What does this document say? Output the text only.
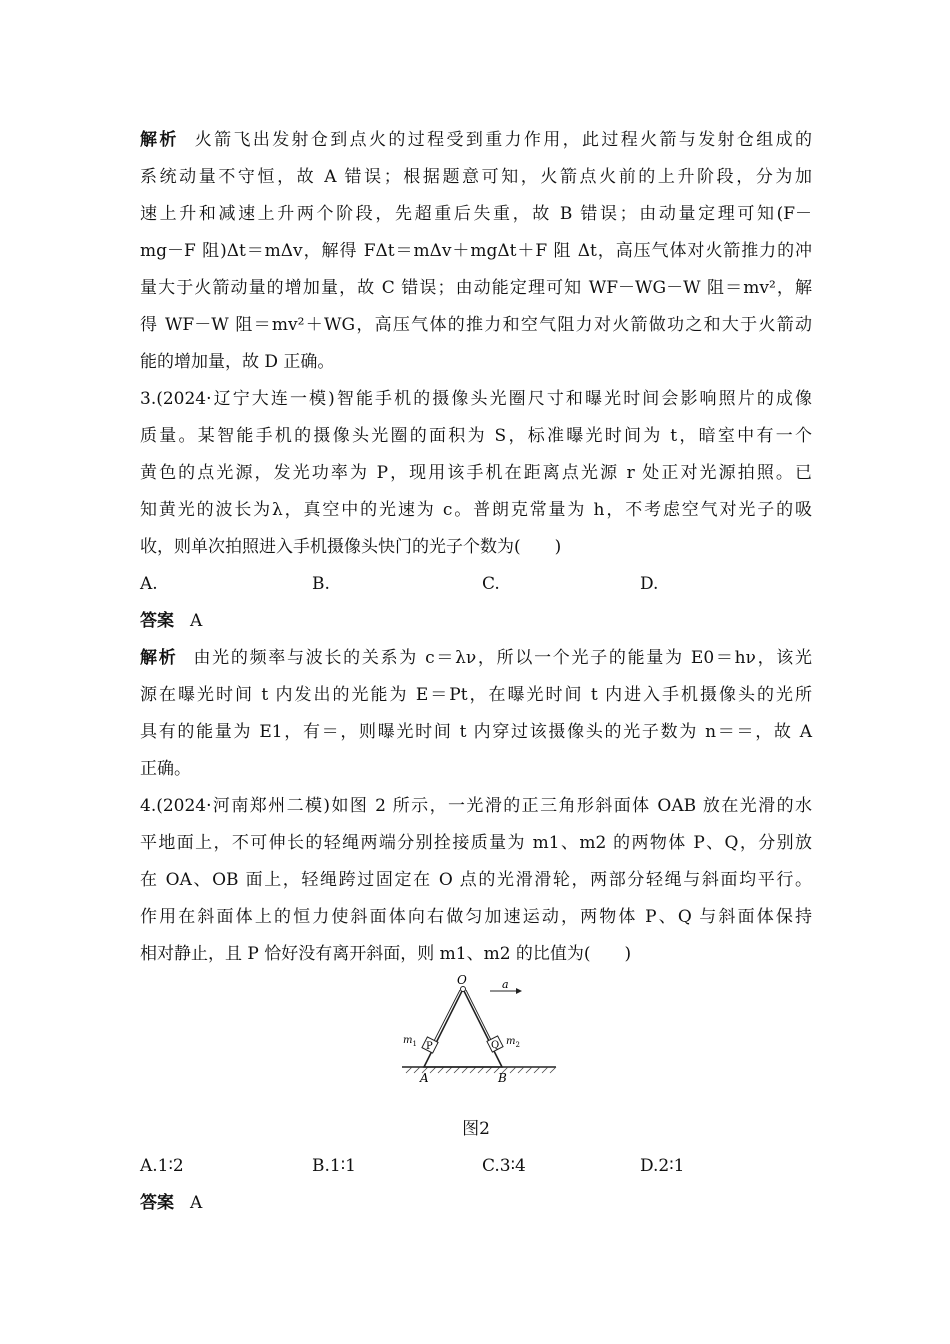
解析 火箭飞出发射仓到点火的过程受到重力作用，此过程火箭与发射仓组成的
系统动量不守恒，故 A 错误；根据题意可知，火箭点火前的上升阶段，分为加
速上升和减速上升两个阶段，先超重后失重，故 B 错误；由动量定理可知(F－
mg－F 阻)Δt＝mΔv，解得 FΔt＝mΔv＋mgΔt＋F 阻 Δt，高压气体对火箭推力的冲
量大于火箭动量的增加量，故 C 错误；由动能定理可知 WF－WG－W 阻＝mv²，解
得 WF－W 阻＝mv²＋WG，高压气体的推力和空气阻力对火箭做功之和大于火箭动
能的增加量，故 D 正确。
3.(2024·辽宁大连一模)智能手机的摄像头光圈尺寸和曝光时间会影响照片的成像
质量。某智能手机的摄像头光圈的面积为 S，标准曝光时间为 t，暗室中有一个
黄色的点光源，发光功率为 P，现用该手机在距离点光源 r 处正对光源拍照。已
知黄光的波长为λ，真空中的光速为 c。普朗克常量为 h，不考虑空气对光子的吸
收，则单次拍照进入手机摄像头快门的光子个数为(　　)
A.	B.	C.	D.
答案 A
解析 由光的频率与波长的关系为 c＝λν，所以一个光子的能量为 E0＝hν，该光
源在曝光时间 t 内发出的光能为 E＝Pt，在曝光时间 t 内进入手机摄像头的光所
具有的能量为 E1，有＝，则曝光时间 t 内穿过该摄像头的光子数为 n＝＝，故 A
正确。
4.(2024·河南郑州二模)如图 2 所示，一光滑的正三角形斜面体 OAB 放在光滑的水
平地面上，不可伸长的轻绳两端分别拴接质量为 m1、m2 的两物体 P、Q，分别放
在 OA、OB 面上，轻绳跨过固定在 O 点的光滑滑轮，两部分轻绳与斜面均平行。
作用在斜面体上的恒力使斜面体向右做匀加速运动，两物体 P、Q 与斜面体保持
相对静止，且 P 恰好没有离开斜面，则 m1、m2 的比值为(　　)
O	a
A	B
P	Q
$m_1$	$m_2$
图2
A.1∶2	B.1∶1	C.3∶4	D.2∶1
答案 A
